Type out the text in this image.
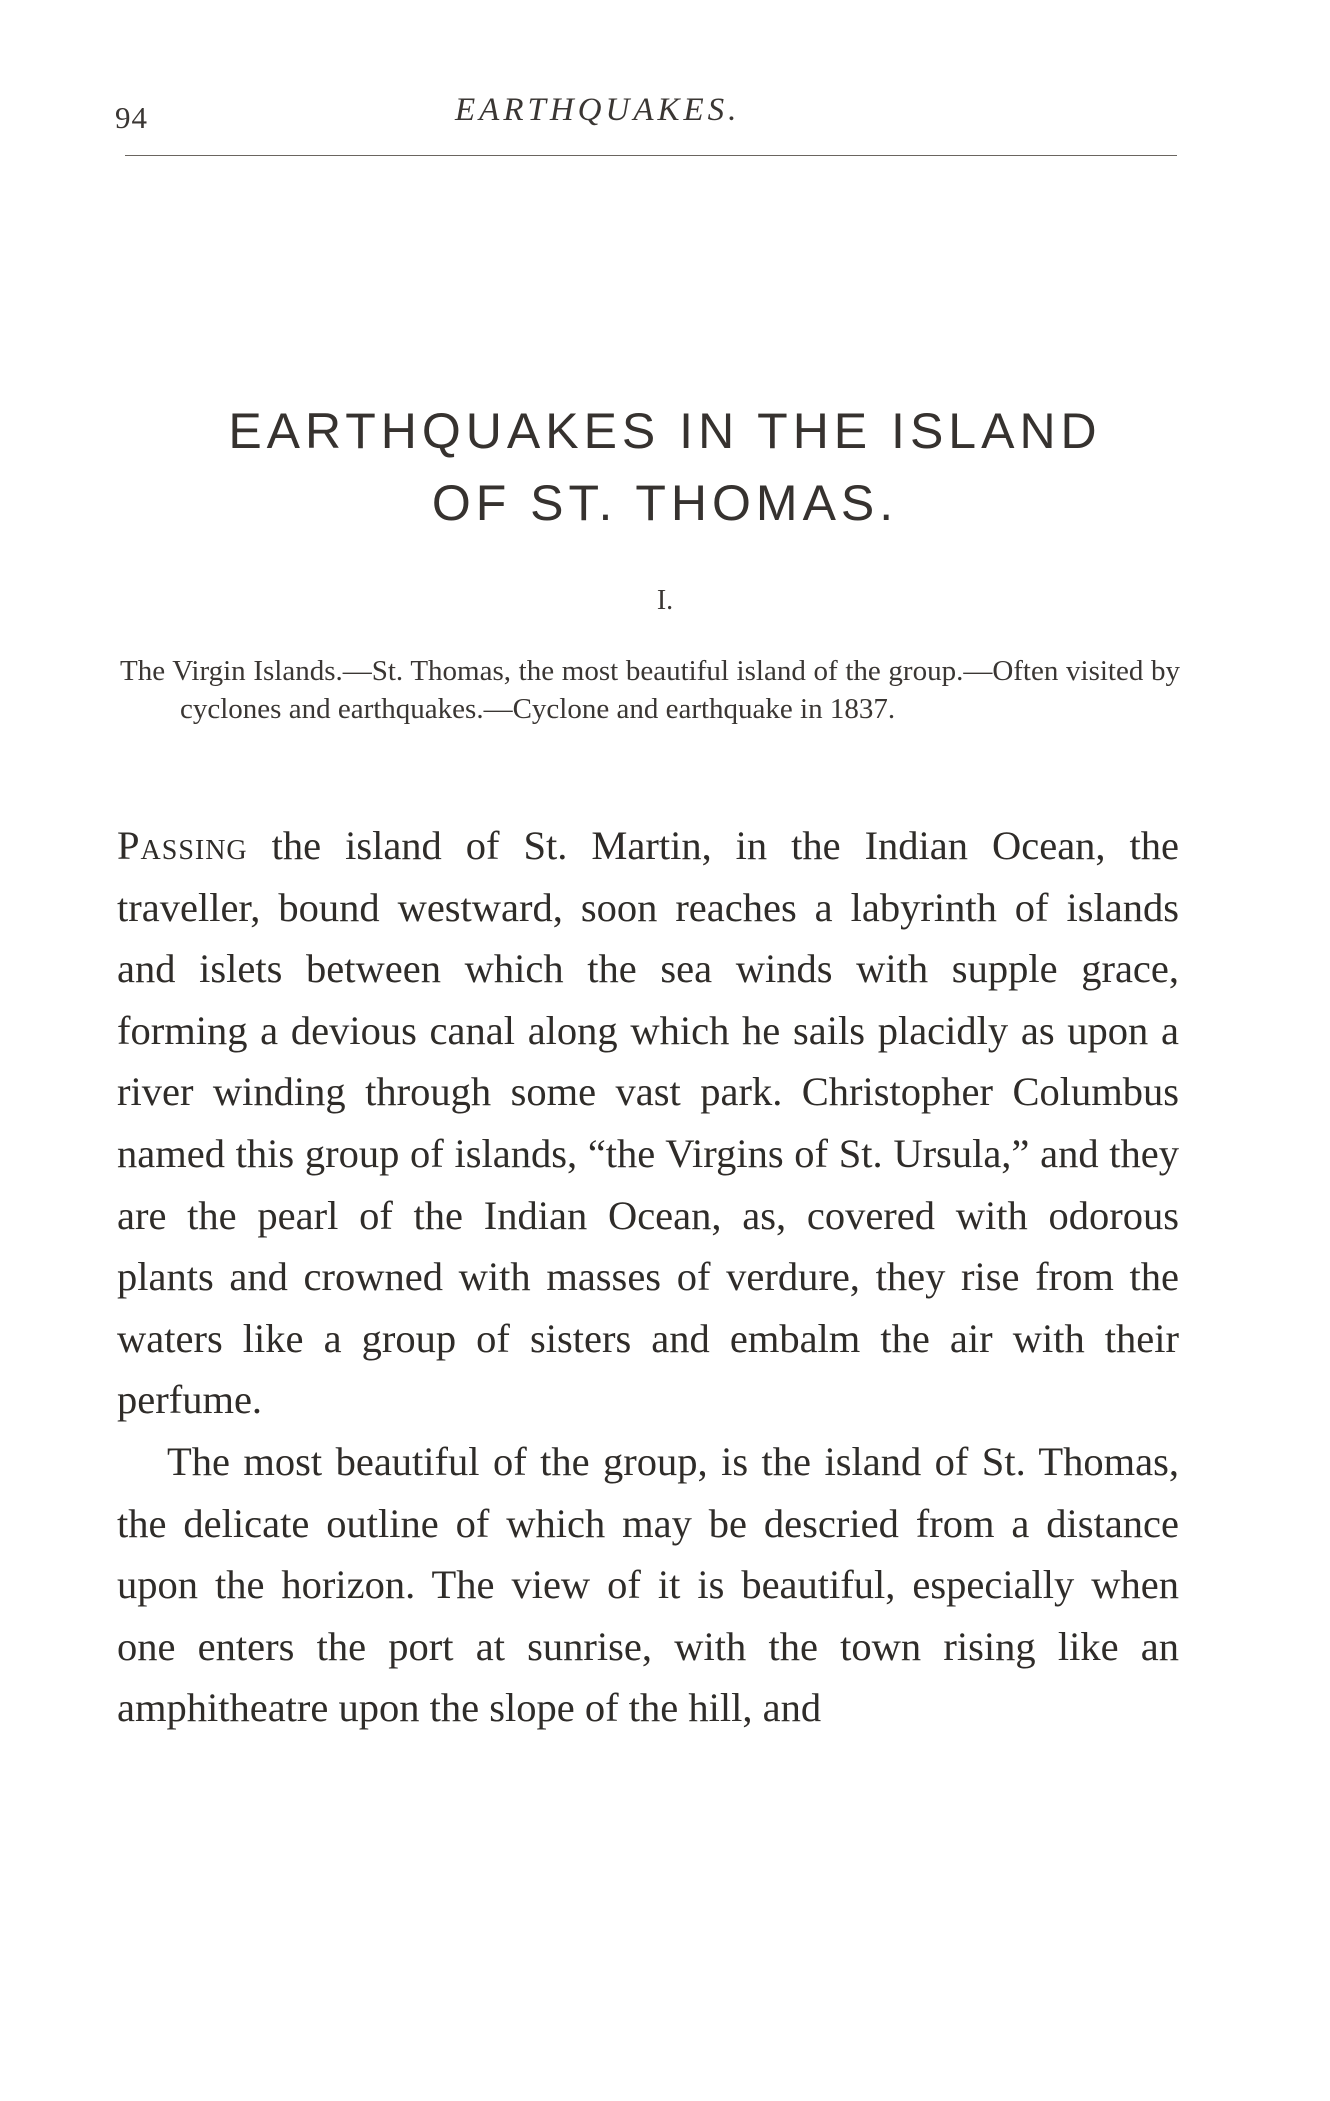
94	EARTHQUAKES.
EARTHQUAKES IN THE ISLAND
OF ST. THOMAS.
I.
The Virgin Islands.—St. Thomas, the most beautiful island of the group.—Often visited by cyclones and earthquakes.—Cyclone and earthquake in 1837.

Passing the island of St. Martin, in the Indian Ocean, the traveller, bound westward, soon reaches a labyrinth of islands and islets between which the sea winds with supple grace, forming a devious canal along which he sails placidly as upon a river winding through some vast park. Christopher Columbus named this group of islands, “the Virgins of St. Ursula,” and they are the pearl of the Indian Ocean, as, covered with odorous plants and crowned with masses of verdure, they rise from the waters like a group of sisters and embalm the air with their perfume.

The most beautiful of the group, is the island of St. Thomas, the delicate outline of which may be descried from a distance upon the horizon. The view of it is beautiful, especially when one enters the port at sunrise, with the town rising like an amphitheatre upon the slope of the hill, and
